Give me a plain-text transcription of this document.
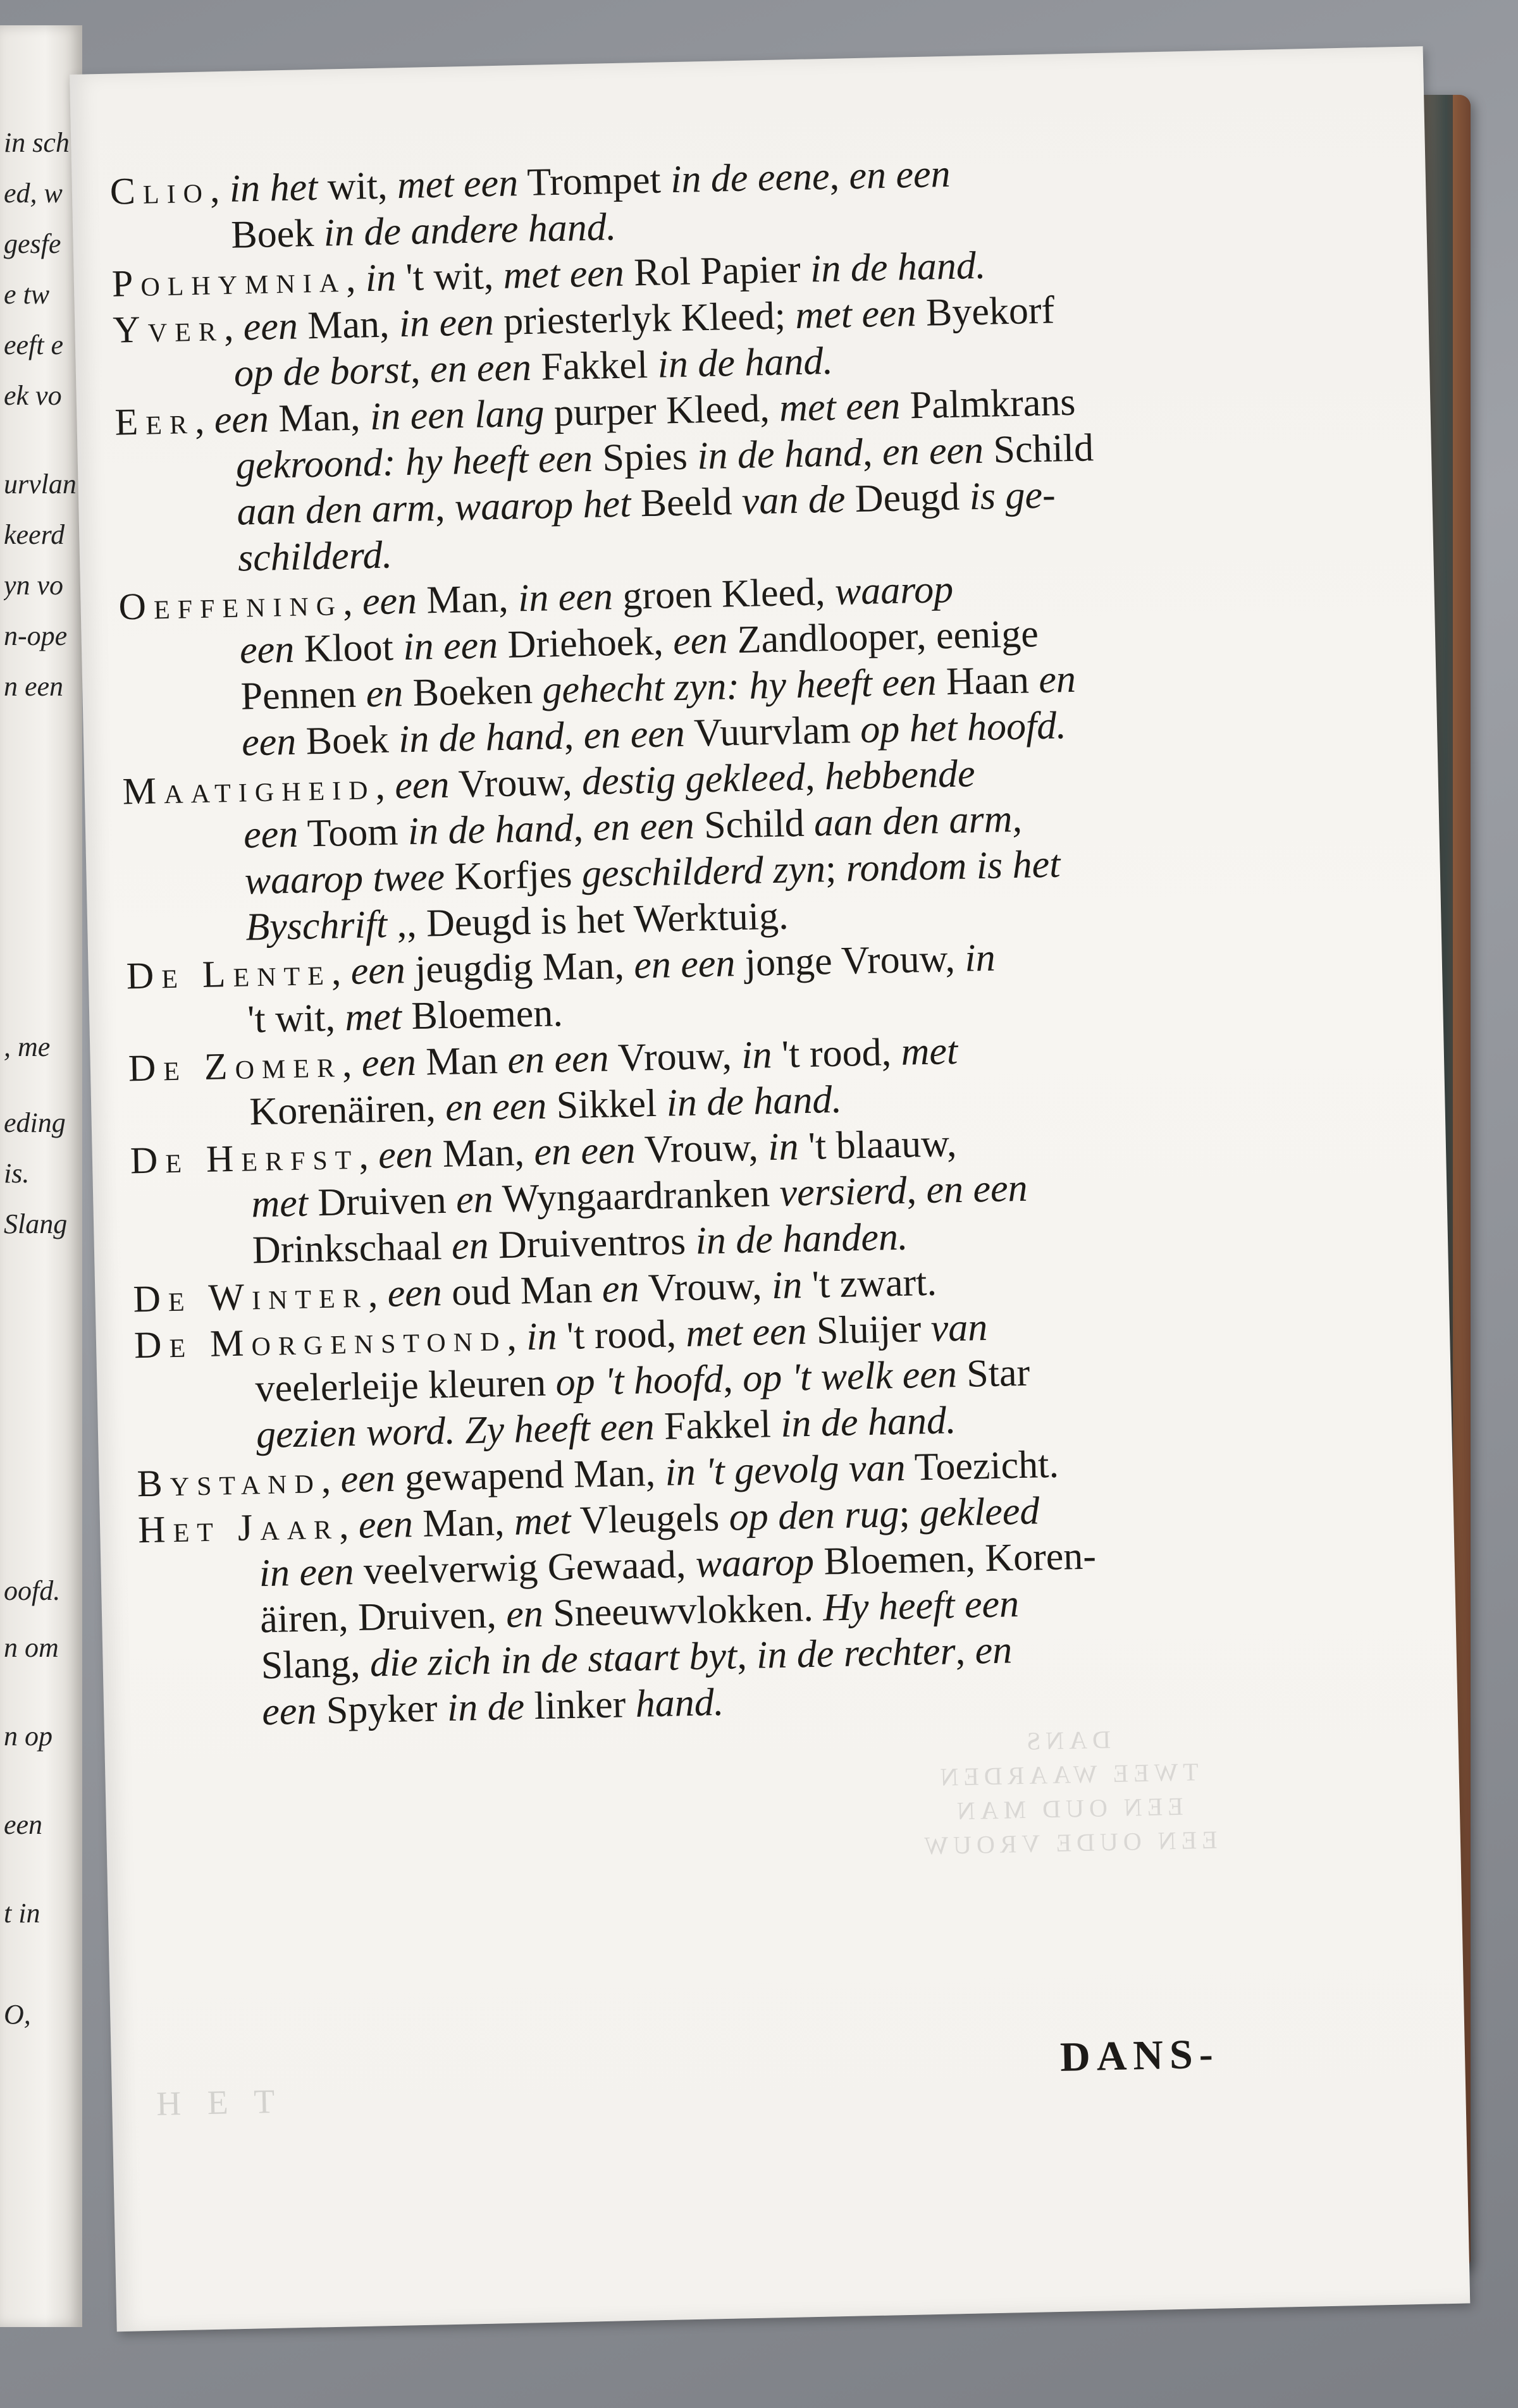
in sch
ed, w
gesfe
e tw
eeft e
ek vo
urvlan
keerd
yn vo
n-ope
n een
, me
eding
is.
Slang
oofd.
n om
n op
een
t in
O,
DANS
TWEE WAARDEN
EEN OUD MAN
EEN OUDE VROUW
Clio, in het wit, met een Trompet in de eene, en een
Boek in de andere hand.
Polhymnia, in 't wit, met een Rol Papier in de hand.
Yver, een Man, in een priesterlyk Kleed; met een Byekorf
op de borst, en een Fakkel in de hand.
Eer, een Man, in een lang purper Kleed, met een Palmkrans
gekroond: hy heeft een Spies in de hand, en een Schild
aan den arm, waarop het Beeld van de Deugd is ge-
schilderd.
Oeffening, een Man, in een groen Kleed, waarop
een Kloot in een Driehoek, een Zandlooper, eenige
Pennen en Boeken gehecht zyn: hy heeft een Haan en
een Boek in de hand, en een Vuurvlam op het hoofd.
Maatigheid, een Vrouw, destig gekleed, hebbende
een Toom in de hand, en een Schild aan den arm,
waarop twee Korfjes geschilderd zyn; rondom is het
Byschrift ,, Deugd is het Werktuig.
De Lente, een jeugdig Man, en een jonge Vrouw, in
't wit, met Bloemen.
De Zomer, een Man en een Vrouw, in 't rood, met
Korenäiren, en een Sikkel in de hand.
De Herfst, een Man, en een Vrouw, in 't blaauw,
met Druiven en Wyngaardranken versierd, en een
Drinkschaal en Druiventros in de handen.
De Winter, een oud Man en Vrouw, in 't zwart.
De Morgenstond, in 't rood, met een Sluijer van
veelerleije kleuren op 't hoofd, op 't welk een Star
gezien word. Zy heeft een Fakkel in de hand.
Bystand, een gewapend Man, in 't gevolg van Toezicht.
Het Jaar, een Man, met Vleugels op den rug; gekleed
in een veelverwig Gewaad, waarop Bloemen, Koren-
äiren, Druiven, en Sneeuwvlokken. Hy heeft een
Slang, die zich in de staart byt, in de rechter, en
een Spyker in de linker hand.
H E T
DANS-
